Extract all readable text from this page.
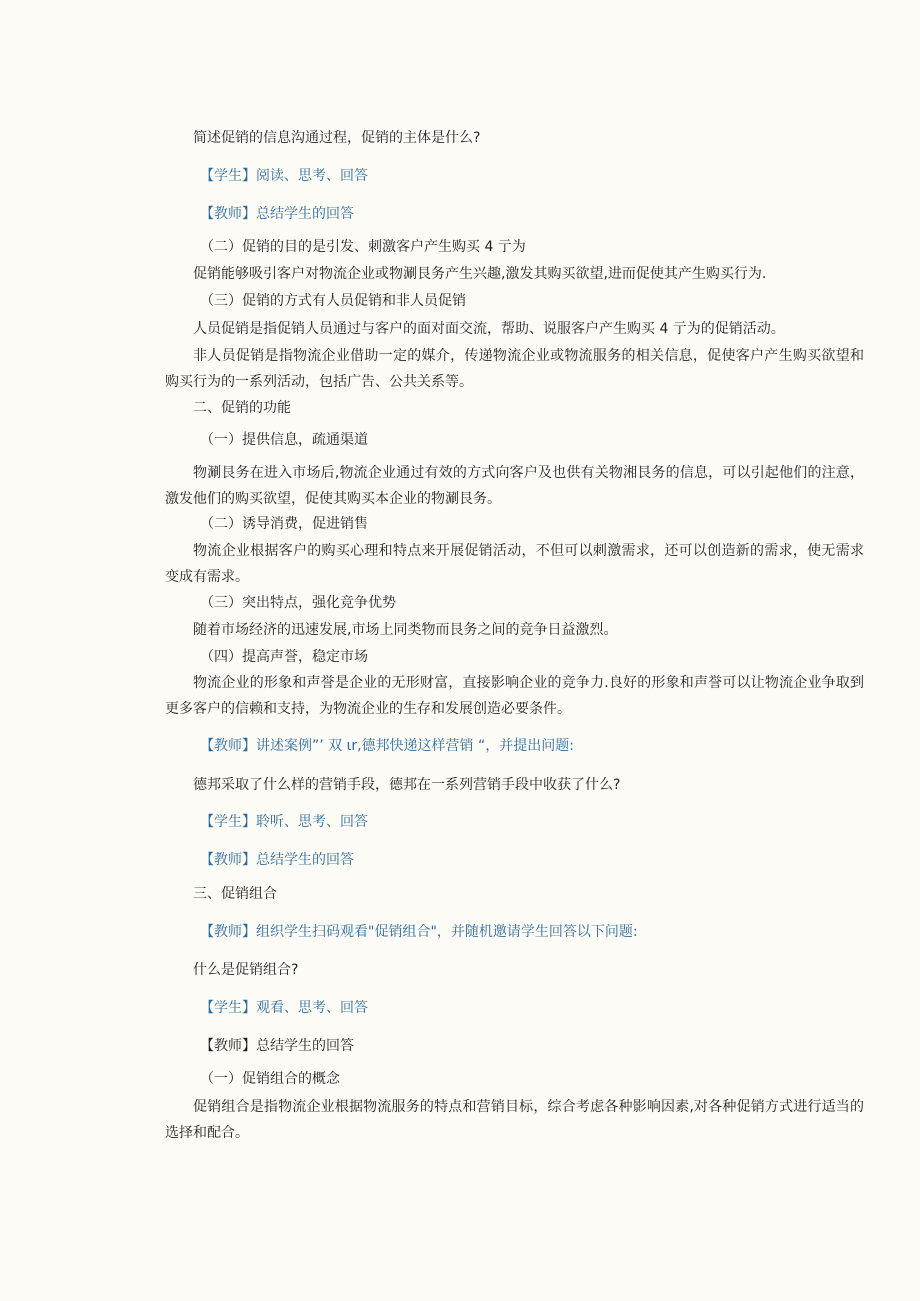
简述促销的信息沟通过程，促销的主体是什么?
【学生】阅读、思考、回答
【教师】总结学生的回答
（二）促销的目的是引发、刺激客户产生购买 4 亍为
促销能够吸引客户对物流企业或物涮艮务产生兴趣,激发其购买欲望,进而促使其产生购买行为.
（三）促销的方式有人员促销和非人员促销
人员促销是指促销人员通过与客户的面对面交流，帮助、说服客户产生购买 4 亍为的促销活动。

非人员促销是指物流企业借助一定的媒介，传递物流企业或物流服务的相关信息，促使客户产生购买欲望和购买行为的一系列活动，包括广告、公共关系等。

二、促销的功能
（一）提供信息，疏通渠道

物涮艮务在进入市场后,物流企业通过有效的方式向客户及也供有关物湘艮务的信息，可以引起他们的注意，激发他们的购买欲望，促使其购买本企业的物涮艮务。

（二）诱导消费，促进销售

物流企业根据客户的购买心理和特点来开展促销活动，不但可以刺激需求，还可以创造新的需求，使无需求变成有需求。

（三）突出特点，强化竞争优势
随着市场经济的迅速发展,市场上同类物而艮务之间的竞争日益激烈。
（四）提高声誉，稳定市场

物流企业的形象和声誉是企业的无形财富，直接影响企业的竞争力.良好的形象和声誉可以让物流企业争取到更多客户的信赖和支持，为物流企业的生存和发展创造必要条件。

【教师】讲述案例”’ 双 ιr,德邦快递这样营销 “，并提出问题:
德邦采取了什么样的营销手段，德邦在一系列营销手段中收获了什么?
【学生】聆听、思考、回答
【教师】总结学生的回答
三、促销组合
【教师】组织学生扫码观看"促销组合"，并随机邀请学生回答以下问题:
什么是促销组合?
【学生】观看、思考、回答
【教师】总结学生的回答
（一）促销组合的概念

促销组合是指物流企业根据物流服务的特点和营销目标，综合考虑各种影响因素,对各种促销方式进行适当的选择和配合。
